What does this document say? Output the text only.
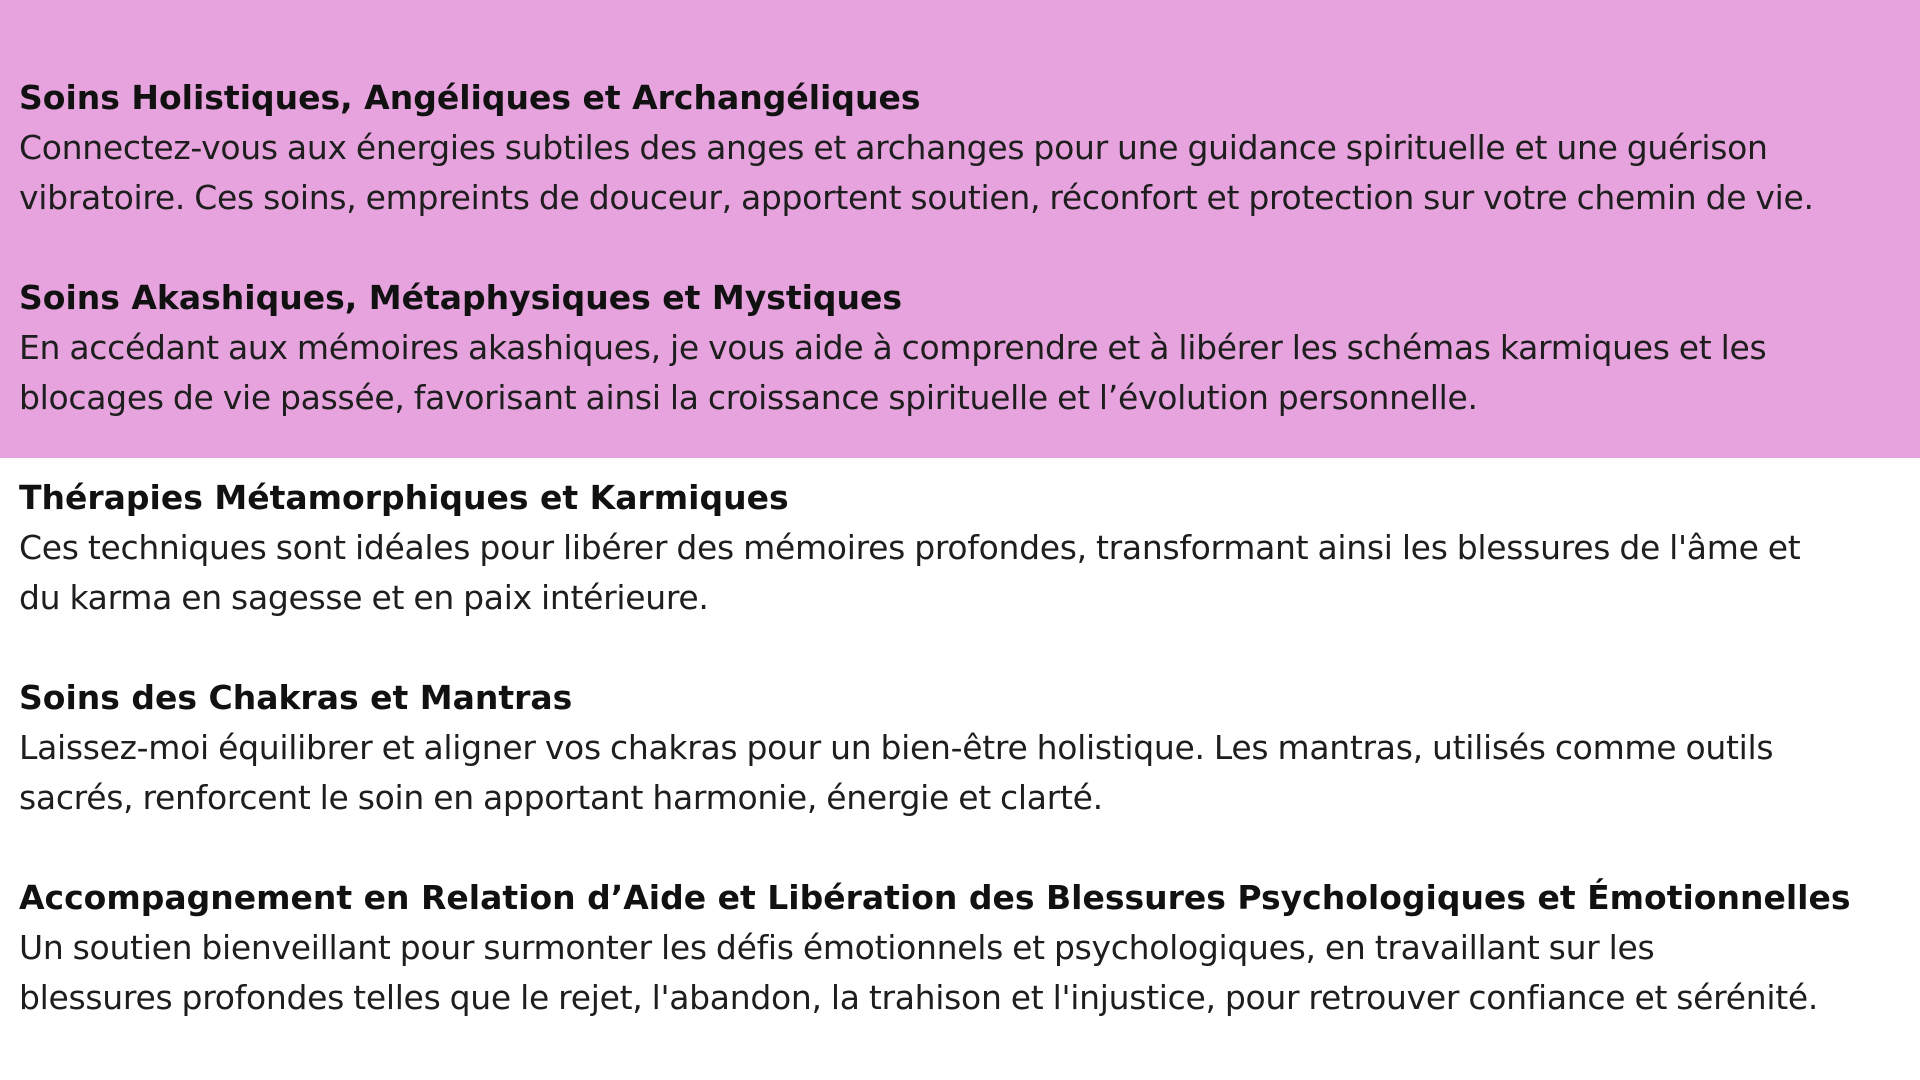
Soins Holistiques, Angéliques et Archangéliques
Connectez-vous aux énergies subtiles des anges et archanges pour une guidance spirituelle et une guérison
vibratoire. Ces soins, empreints de douceur, apportent soutien, réconfort et protection sur votre chemin de vie.
Soins Akashiques, Métaphysiques et Mystiques
En accédant aux mémoires akashiques, je vous aide à comprendre et à libérer les schémas karmiques et les
blocages de vie passée, favorisant ainsi la croissance spirituelle et l’évolution personnelle.
Thérapies Métamorphiques et Karmiques
Ces techniques sont idéales pour libérer des mémoires profondes, transformant ainsi les blessures de l'âme et
du karma en sagesse et en paix intérieure.
Soins des Chakras et Mantras
Laissez-moi équilibrer et aligner vos chakras pour un bien-être holistique. Les mantras, utilisés comme outils
sacrés, renforcent le soin en apportant harmonie, énergie et clarté.
Accompagnement en Relation d’Aide et Libération des Blessures Psychologiques et Émotionnelles
Un soutien bienveillant pour surmonter les défis émotionnels et psychologiques, en travaillant sur les
blessures profondes telles que le rejet, l'abandon, la trahison et l'injustice, pour retrouver confiance et sérénité.
